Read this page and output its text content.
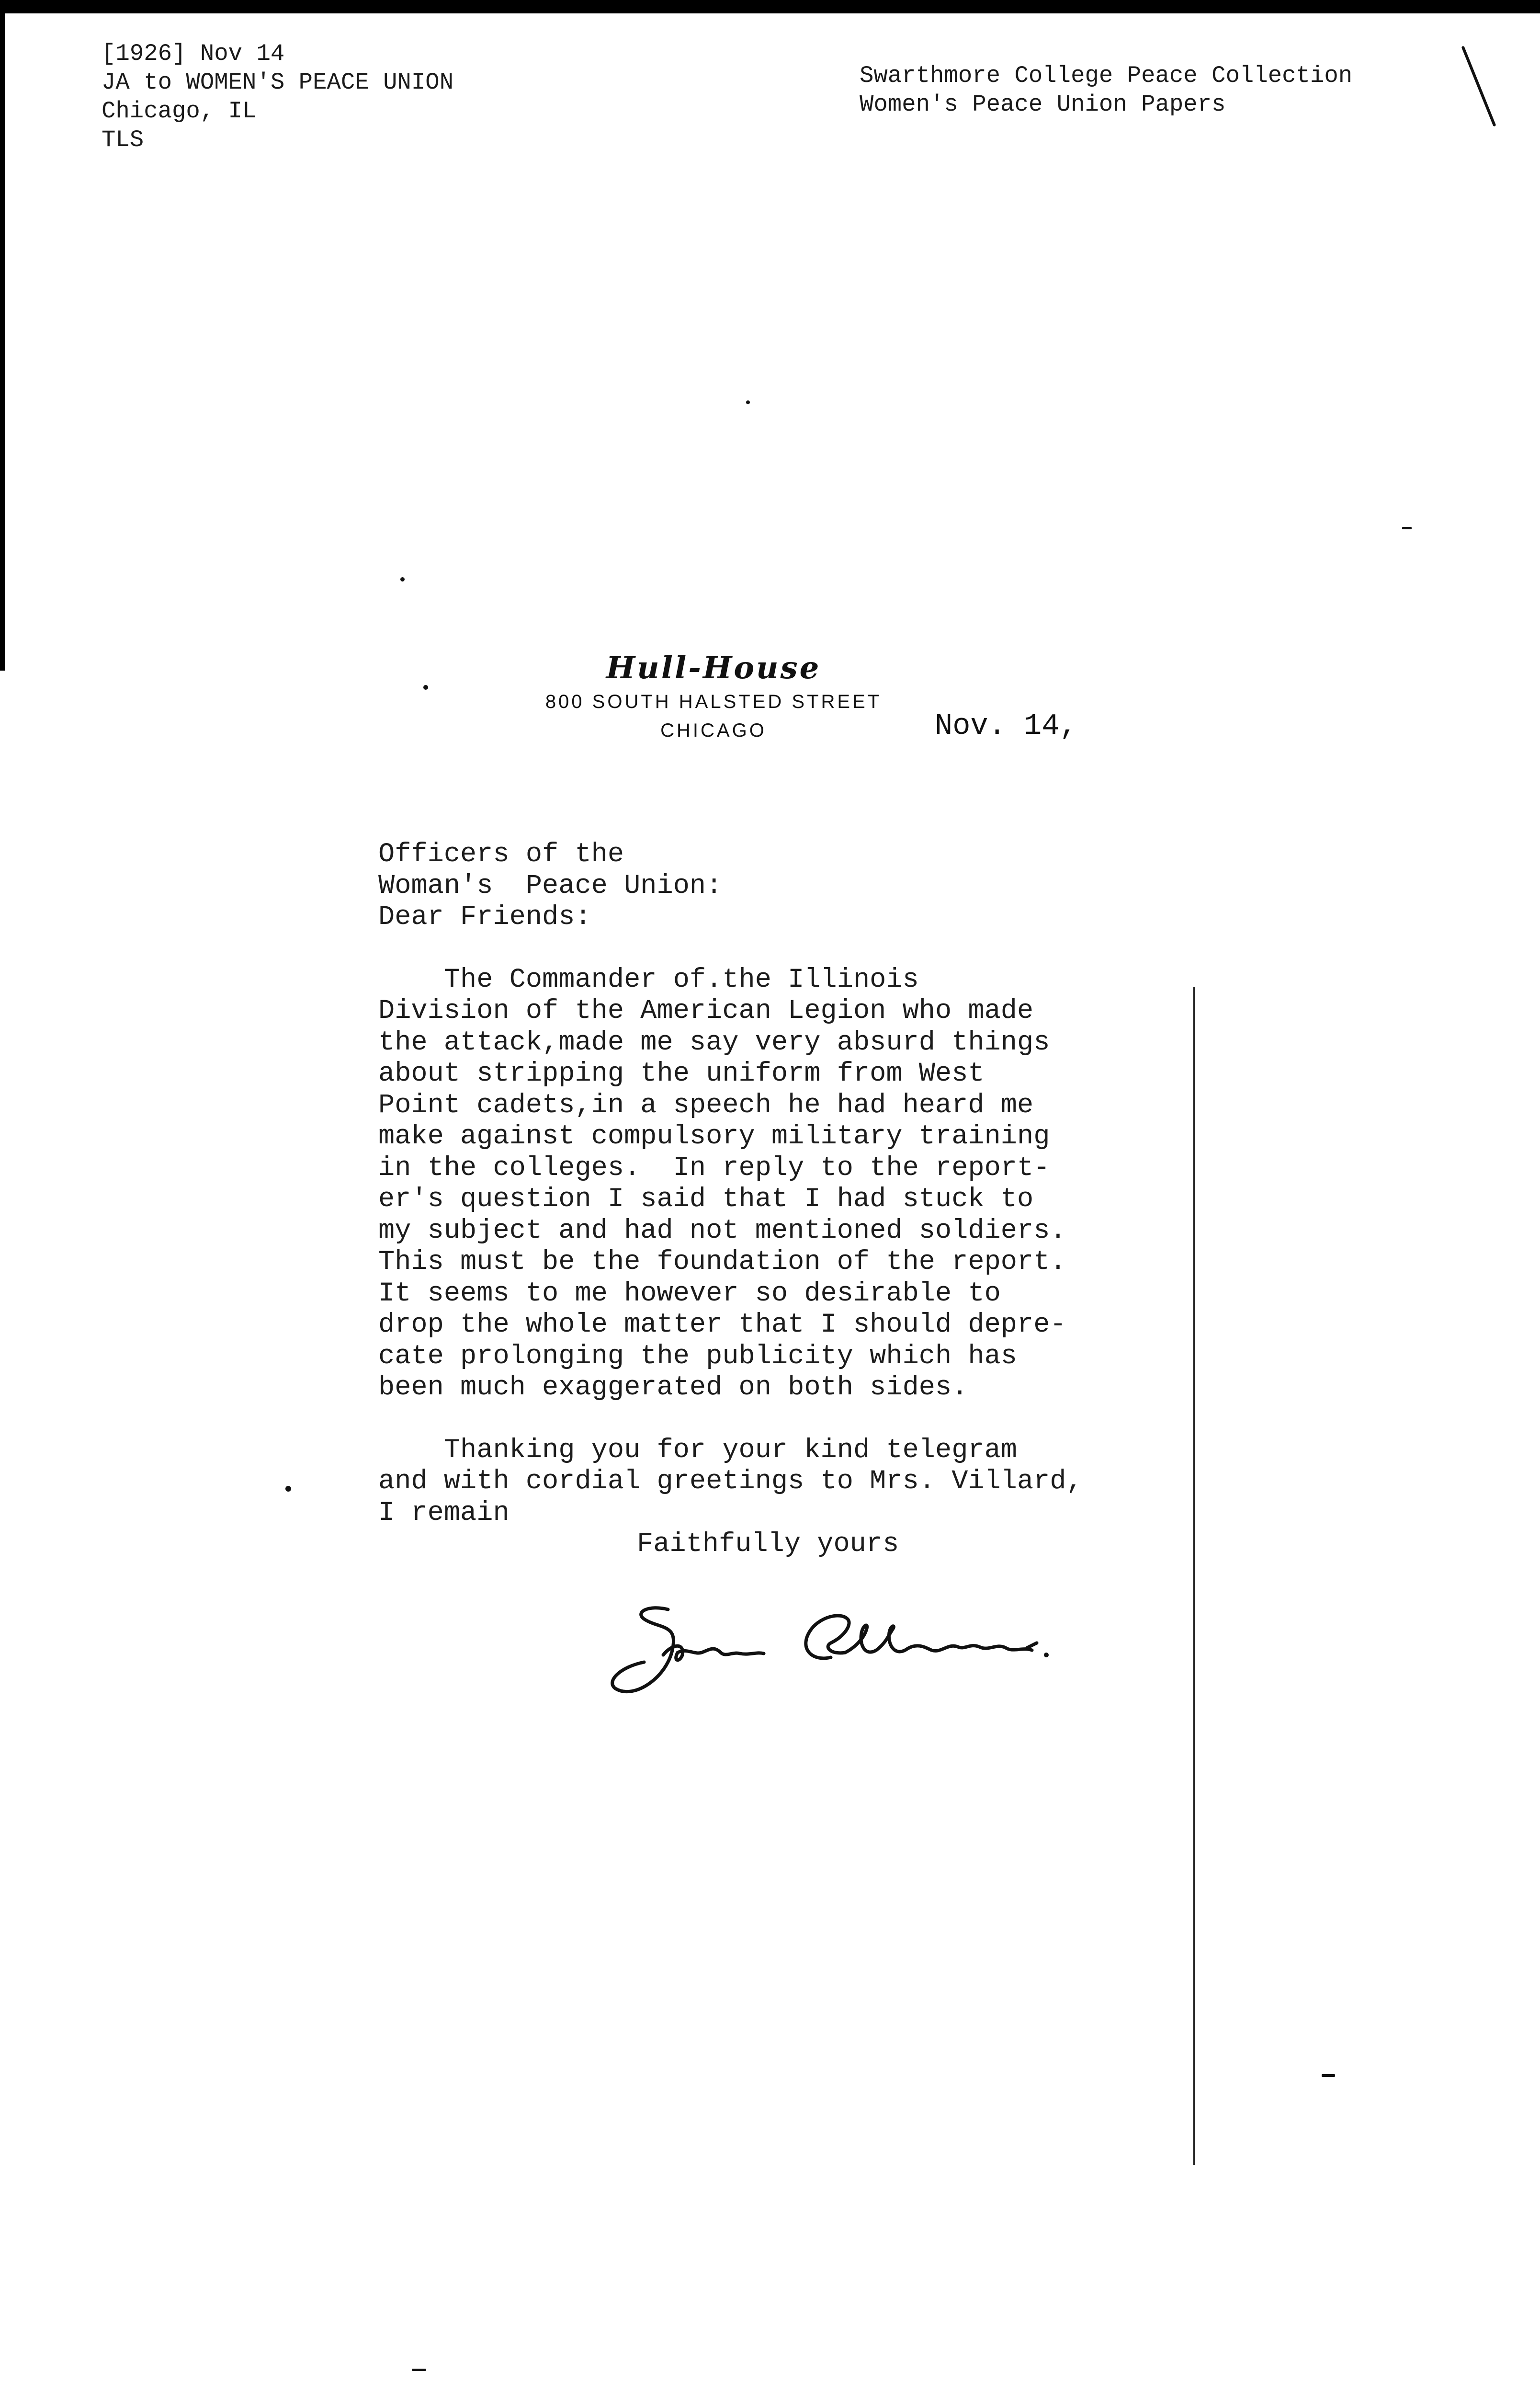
[1926] Nov 14
JA to WOMEN'S PEACE UNION
Chicago, IL
TLS
Swarthmore College Peace Collection
Women's Peace Union Papers
Hull-House
800 SOUTH HALSTED STREET
CHICAGO	Nov. 14,
Officers of the
Woman's  Peace Union:
Dear Friends:
The Commander of.the Illinois
Division of the American Legion who made
the attack,made me say very absurd things
about stripping the uniform from West
Point cadets,in a speech he had heard me
make against compulsory military training
in the colleges.  In reply to the report-
er's question I said that I had stuck to
my subject and had not mentioned soldiers.
This must be the foundation of the report.
It seems to me however so desirable to
drop the whole matter that I should depre-
cate prolonging the publicity which has
been much exaggerated on both sides.
Thanking you for your kind telegram
and with cordial greetings to Mrs. Villard,
I remain
Faithfully yours
